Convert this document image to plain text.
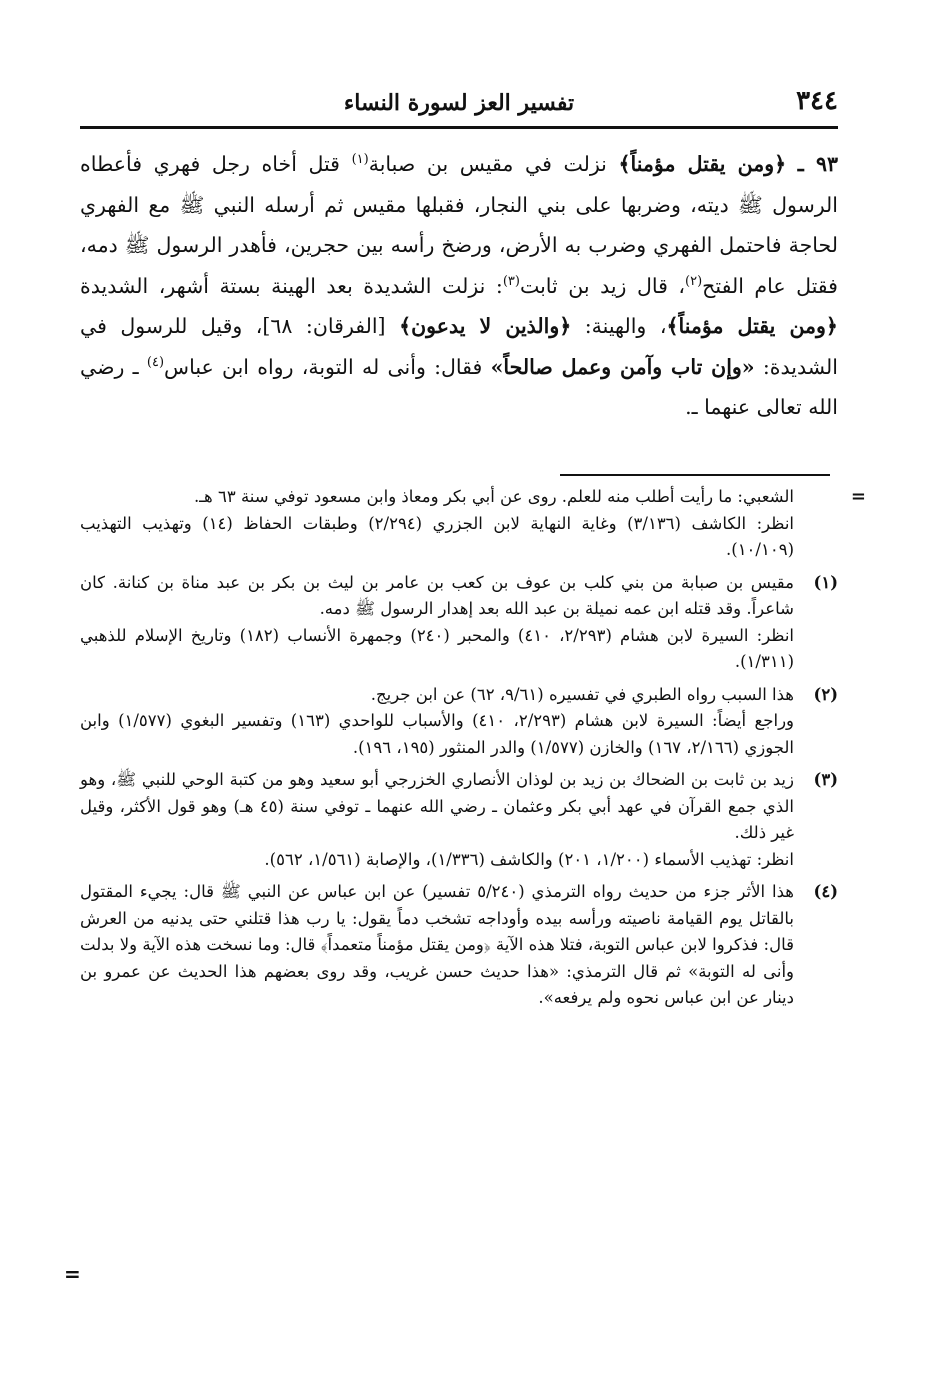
٣٤٤
تفسير العز لسورة النساء

٩٣ ـ ﴿ومن يقتل مؤمناً﴾ نزلت في مقيس بن صبابة$^{(١)}$ قتل أخاه رجل فهري فأعطاه الرسول ﷺ ديته، وضربها على بني النجار، فقبلها مقيس ثم أرسله النبي ﷺ مع الفهري لحاجة فاحتمل الفهري وضرب به الأرض، ورضخ رأسه بين حجرين، فأهدر الرسول ﷺ دمه، فقتل عام الفتح$^{(٢)}$، قال زيد بن ثابت$^{(٣)}$: نزلت الشديدة بعد الهينة بستة أشهر، الشديدة ﴿ومن يقتل مؤمناً﴾، والهينة: ﴿والذين لا يدعون﴾ [الفرقان: ٦٨]، وقيل للرسول في الشديدة: «وإن تاب وآمن وعمل صالحاً» فقال: وأنى له التوبة، رواه ابن عباس$^{(٤)}$ ـ رضي الله تعالى عنهما ـ.

=

الشعبي: ما رأيت أطلب منه للعلم. روى عن أبي بكر ومعاذ وابن مسعود توفي سنة ٦٣ هـ.

انظر: الكاشف (٣/١٣٦) وغاية النهاية لابن الجزري (٢/٢٩٤) وطبقات الحفاظ (١٤) وتهذيب التهذيب (١٠/١٠٩).

(١)

مقيس بن صبابة من بني كلب بن عوف بن كعب بن عامر بن ليث بن بكر بن عبد مناة بن كنانة. كان شاعراً. وقد قتله ابن عمه نميلة بن عبد الله بعد إهدار الرسول ﷺ دمه.

انظر: السيرة لابن هشام (٢/٢٩٣، ٤١٠) والمحبر (٢٤٠) وجمهرة الأنساب (١٨٢) وتاريخ الإسلام للذهبي (١/٣١١).

(٢)

هذا السبب رواه الطبري في تفسيره (٩/٦١، ٦٢) عن ابن جريج.

وراجع أيضاً: السيرة لابن هشام (٢/٢٩٣، ٤١٠) والأسباب للواحدي (١٦٣) وتفسير البغوي (١/٥٧٧) وابن الجوزي (٢/١٦٦، ١٦٧) والخازن (١/٥٧٧) والدر المنثور (١٩٥، ١٩٦).

(٣)

زيد بن ثابت بن الضحاك بن زيد بن لوذان الأنصاري الخزرجي أبو سعيد وهو من كتبة الوحي للنبي ﷺ، وهو الذي جمع القرآن في عهد أبي بكر وعثمان ـ رضي الله عنهما ـ توفي سنة (٤٥ هـ) وهو قول الأكثر، وقيل غير ذلك.

انظر: تهذيب الأسماء (١/٢٠٠، ٢٠١) والكاشف (١/٣٣٦)، والإصابة (١/٥٦١، ٥٦٢).

(٤)

هذا الأثر جزء من حديث رواه الترمذي (٥/٢٤٠ تفسير) عن ابن عباس عن النبي ﷺ قال: يجيء المقتول بالقاتل يوم القيامة ناصيته ورأسه بيده وأوداجه تشخب دماً يقول: يا رب هذا قتلني حتى يدنيه من العرش قال: فذكروا لابن عباس التوبة، فتلا هذه الآية ﴿ومن يقتل مؤمناً متعمداً﴾ قال: وما نسخت هذه الآية ولا بدلت وأنى له التوبة» ثم قال الترمذي: «هذا حديث حسن غريب، وقد روى بعضهم هذا الحديث عن عمرو بن دينار عن ابن عباس نحوه ولم يرفعه».

=
